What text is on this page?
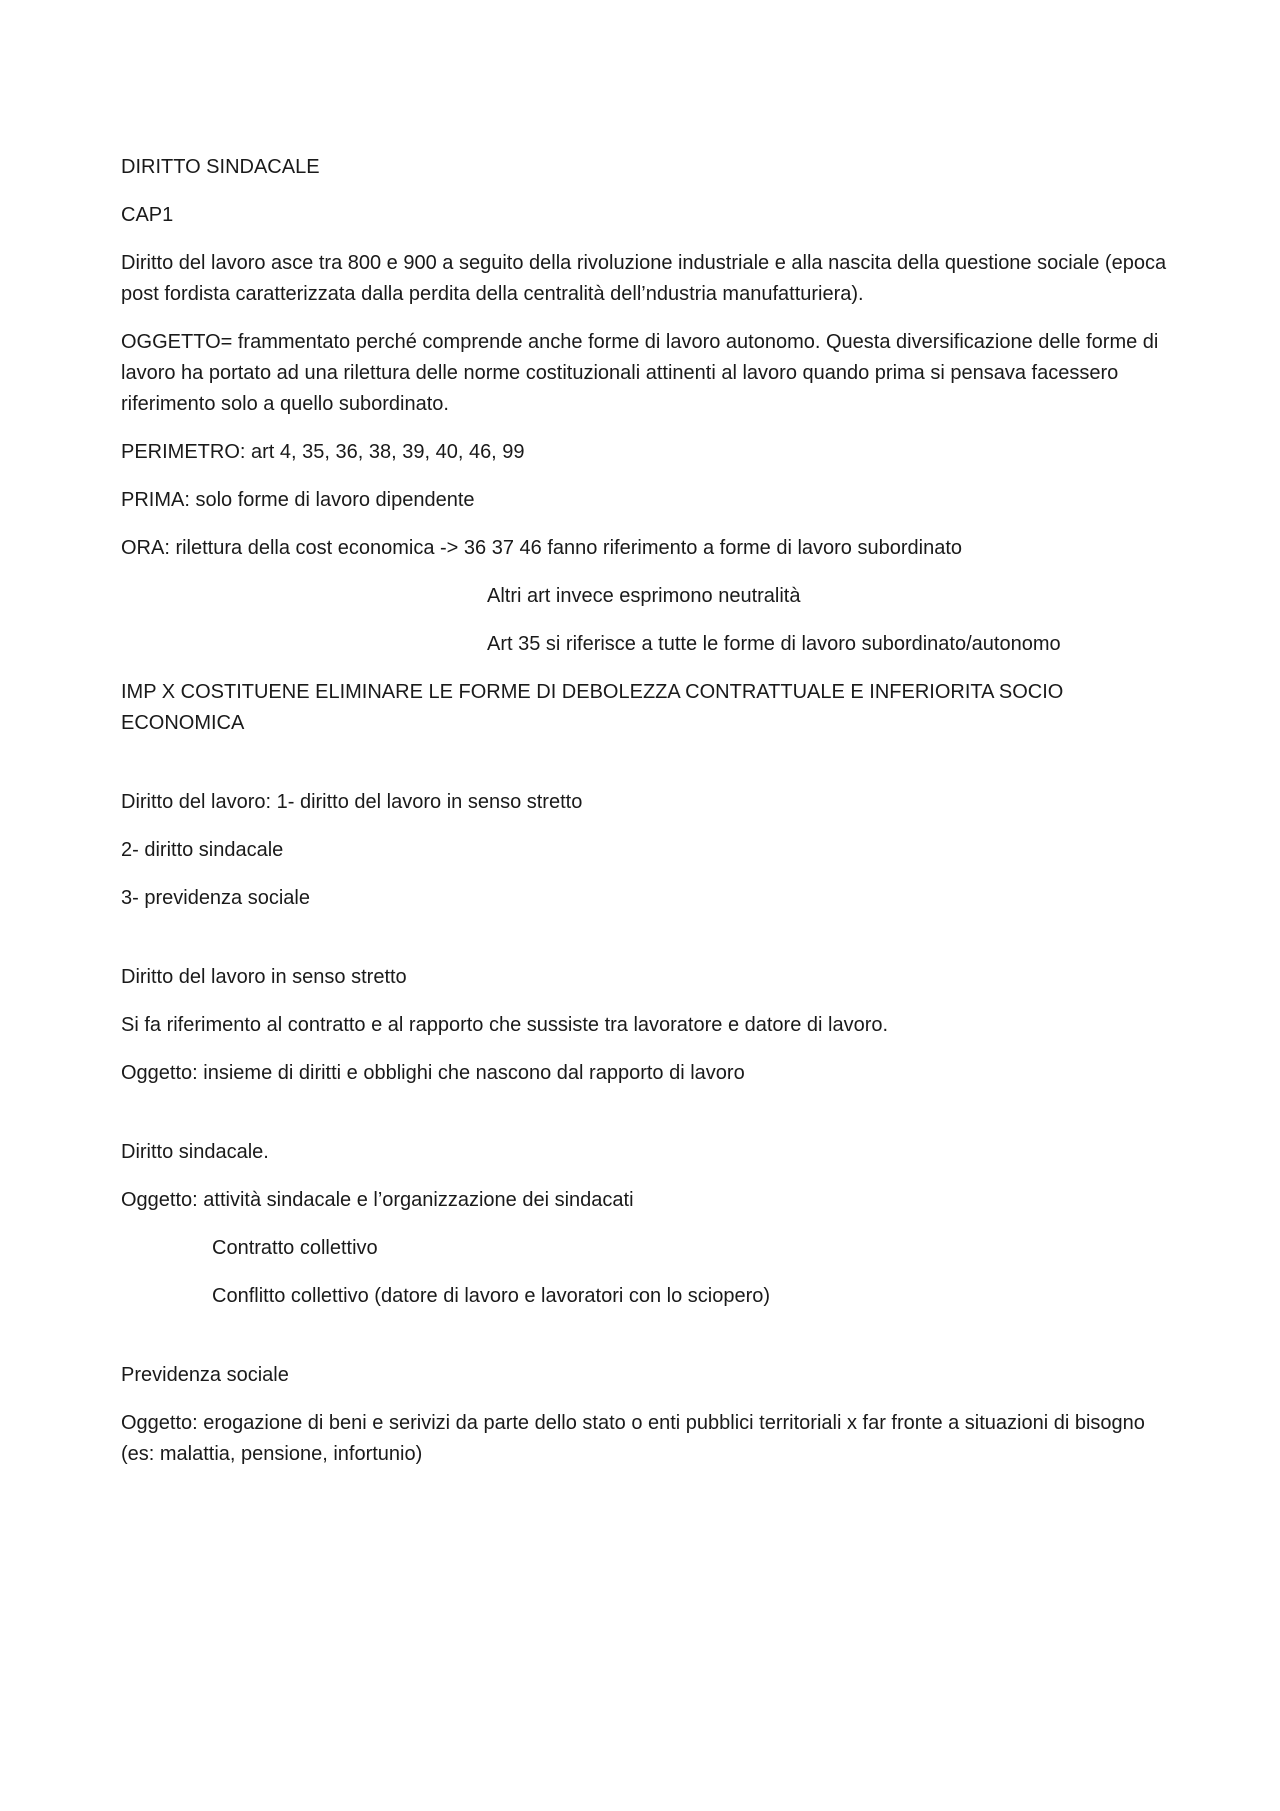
DIRITTO SINDACALE

CAP1

Diritto del lavoro asce tra 800 e 900 a seguito della rivoluzione industriale e alla nascita della questione sociale (epoca post fordista caratterizzata dalla perdita della centralità dell’ndustria manufatturiera).

OGGETTO= frammentato perché comprende anche forme di lavoro autonomo. Questa diversificazione delle forme di lavoro ha portato ad una rilettura delle norme costituzionali attinenti al lavoro quando prima si pensava facessero riferimento solo a quello subordinato.

PERIMETRO: art 4, 35, 36, 38, 39, 40, 46, 99

PRIMA: solo forme di lavoro dipendente

ORA: rilettura della cost economica -> 36 37 46 fanno riferimento a forme di lavoro subordinato

Altri art invece esprimono neutralità

Art 35 si riferisce a tutte le forme di lavoro subordinato/autonomo

IMP X COSTITUENE ELIMINARE LE FORME DI DEBOLEZZA CONTRATTUALE E INFERIORITA SOCIO ECONOMICA

Diritto del lavoro: 1- diritto del lavoro in senso stretto

2- diritto sindacale

3- previdenza sociale

Diritto del lavoro in senso stretto

Si fa riferimento al contratto e al rapporto che sussiste tra lavoratore e datore di lavoro.

Oggetto: insieme di diritti e obblighi che nascono dal rapporto di lavoro

Diritto sindacale.

Oggetto: attività sindacale e l’organizzazione dei sindacati

Contratto collettivo

Conflitto collettivo (datore di lavoro e lavoratori con lo sciopero)

Previdenza sociale

Oggetto: erogazione di beni e serivizi da parte dello stato o enti pubblici territoriali x far fronte a situazioni di bisogno (es: malattia, pensione, infortunio)
